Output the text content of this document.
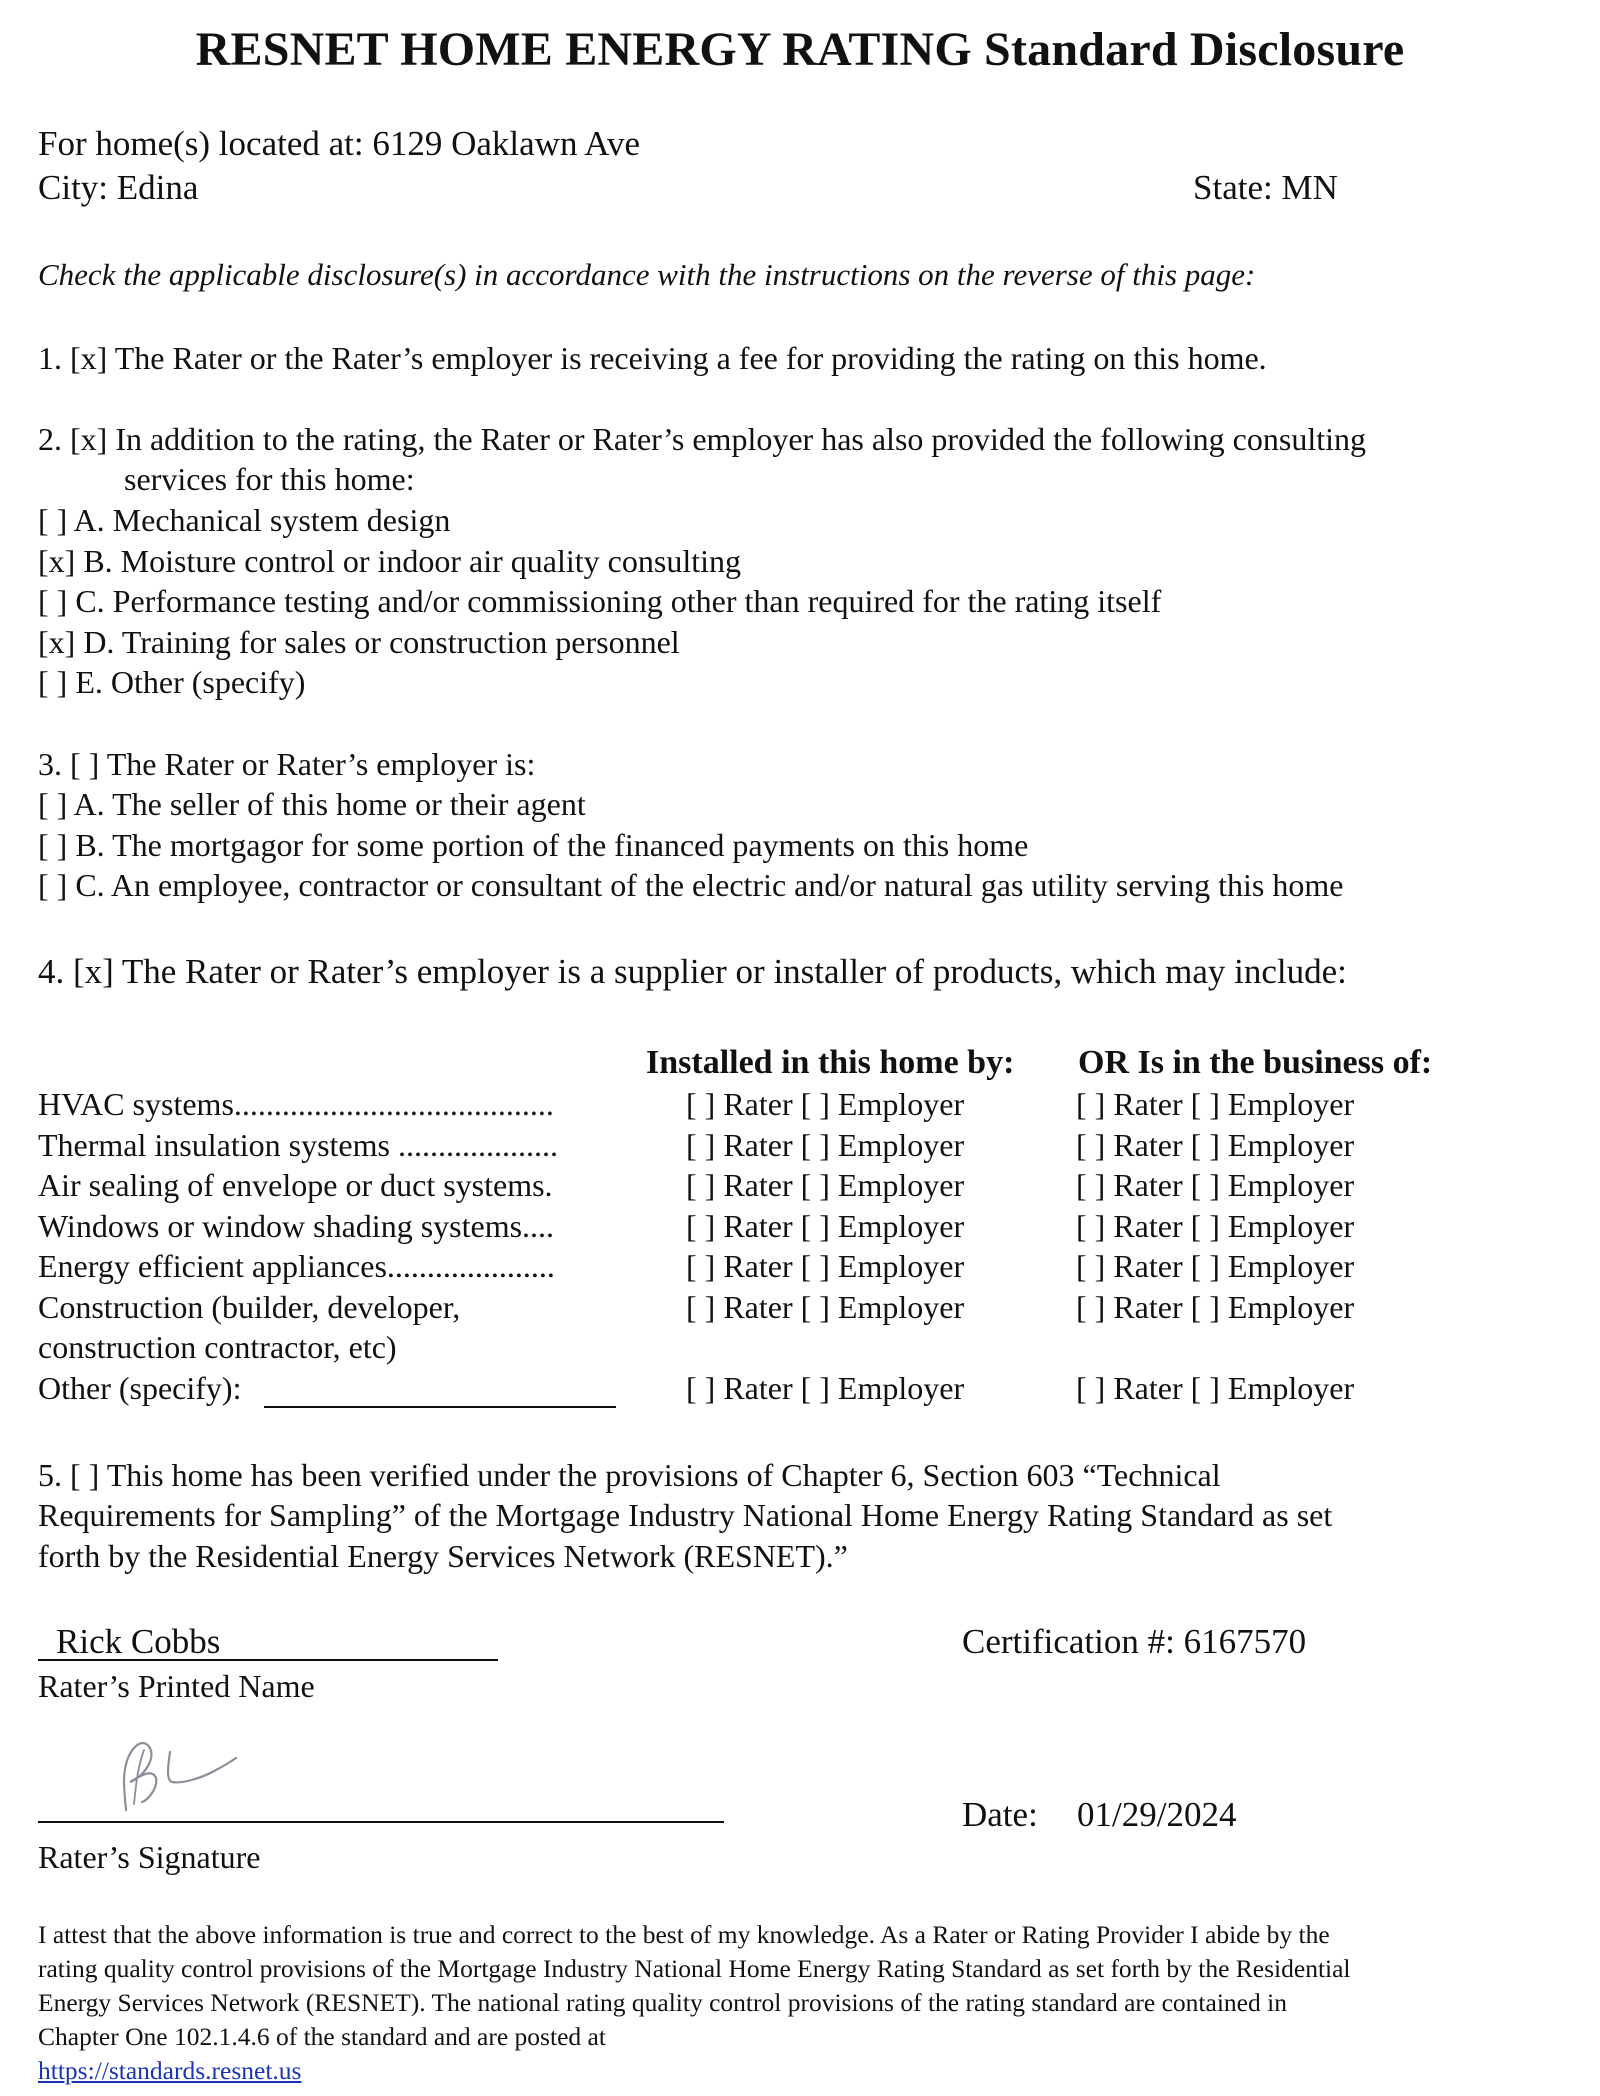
RESNET HOME ENERGY RATING Standard Disclosure
For home(s) located at: 6129 Oaklawn Ave
City: Edina	State: MN
Check the applicable disclosure(s) in accordance with the instructions on the reverse of this page:
1. [x] The Rater or the Rater’s employer is receiving a fee for providing the rating on this home.
2. [x] In addition to the rating, the Rater or Rater’s employer has also provided the following consulting
services for this home:
[ ] A. Mechanical system design
[x] B. Moisture control or indoor air quality consulting
[ ] C. Performance testing and/or commissioning other than required for the rating itself
[x] D. Training for sales or construction personnel
[ ] E. Other (specify)
3. [ ] The Rater or Rater’s employer is:
[ ] A. The seller of this home or their agent
[ ] B. The mortgagor for some portion of the financed payments on this home
[ ] C. An employee, contractor or consultant of the electric and/or natural gas utility serving this home
4. [x] The Rater or Rater’s employer is a supplier or installer of products, which may include:
Installed in this home by: OR Is in the business of:
HVAC systems........................................	[ ] Rater [ ] Employer	[ ] Rater [ ] Employer
Thermal insulation systems ....................	[ ] Rater [ ] Employer	[ ] Rater [ ] Employer
Air sealing of envelope or duct systems.	[ ] Rater [ ] Employer	[ ] Rater [ ] Employer
Windows or window shading systems....	[ ] Rater [ ] Employer	[ ] Rater [ ] Employer
Energy efficient appliances.....................	[ ] Rater [ ] Employer	[ ] Rater [ ] Employer
Construction (builder, developer,	[ ] Rater [ ] Employer	[ ] Rater [ ] Employer
construction contractor, etc)
Other (specify):	[ ] Rater [ ] Employer	[ ] Rater [ ] Employer
5. [ ] This home has been verified under the provisions of Chapter 6, Section 603 “Technical
Requirements for Sampling” of the Mortgage Industry National Home Energy Rating Standard as set
forth by the Residential Energy Services Network (RESNET).”
Rick Cobbs
Rater’s Printed Name
Certification #: 6167570
Rater’s Signature
Date: 01/29/2024
I attest that the above information is true and correct to the best of my knowledge. As a Rater or Rating Provider I abide by the
rating quality control provisions of the Mortgage Industry National Home Energy Rating Standard as set forth by the Residential
Energy Services Network (RESNET). The national rating quality control provisions of the rating standard are contained in
Chapter One 102.1.4.6 of the standard and are posted at
https://standards.resnet.us
